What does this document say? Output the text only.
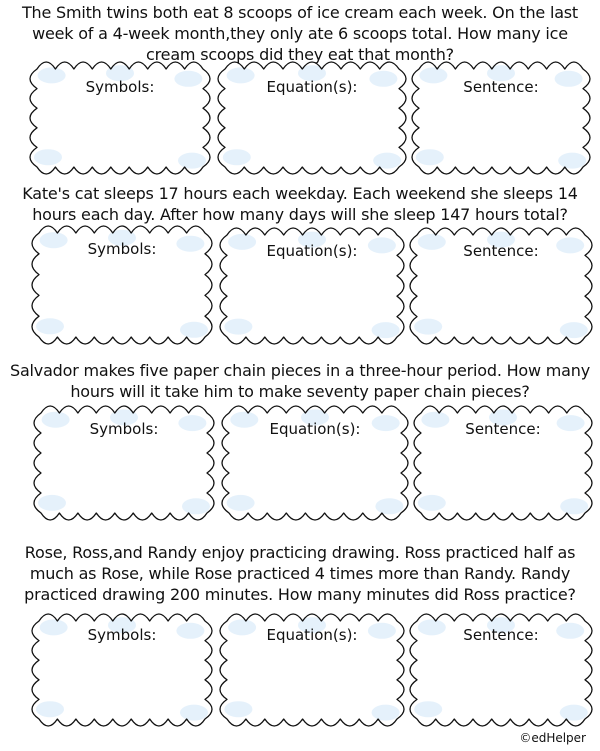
The Smith twins both eat 8 scoops of ice cream each week. On the last week of a 4-week month,they only ate 6 scoops total. How many ice cream scoops did they eat that month?
Symbols:	Equation(s):	Sentence:
Kate's cat sleeps 17 hours each weekday. Each weekend she sleeps 14 hours each day. After how many days will she sleep 147 hours total?
Symbols:	Equation(s):	Sentence:
Salvador makes five paper chain pieces in a three-hour period. How many hours will it take him to make seventy paper chain pieces?
Symbols:	Equation(s):	Sentence:
Rose, Ross,and Randy enjoy practicing drawing. Ross practiced half as much as Rose, while Rose practiced 4 times more than Randy. Randy practiced drawing 200 minutes. How many minutes did Ross practice?
Symbols:	Equation(s):	Sentence:
©edHelper
